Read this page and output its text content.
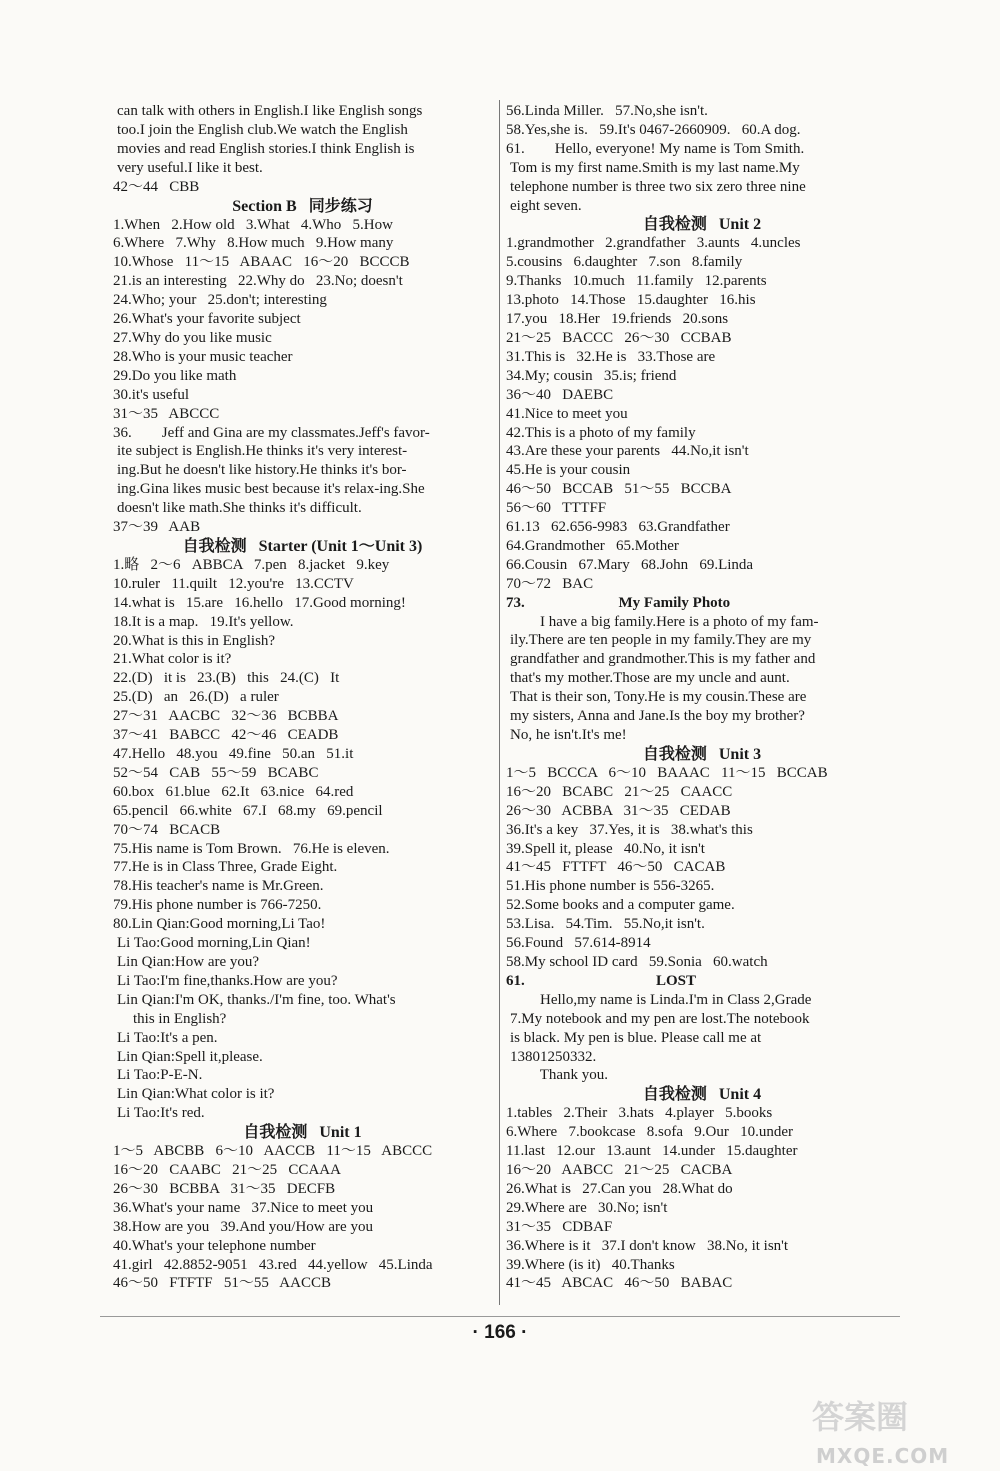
can talk with others in English.I like English songs
too.I join the English club.We watch the English
movies and read English stories.I think English is
very useful.I like it best.
42～44   CBB
Section B   同步练习
1.When   2.How old   3.What   4.Who   5.How
6.Where   7.Why   8.How much   9.How many
10.Whose   11～15   ABAAC   16～20   BCCCB
21.is an interesting   22.Why do   23.No; doesn't
24.Who; your   25.don't; interesting
26.What's your favorite subject
27.Why do you like music
28.Who is your music teacher
29.Do you like math
30.it's useful
31～35   ABCCC
36.        Jeff and Gina are my classmates.Jeff's favor-
ite subject is English.He thinks it's very interest-
ing.But he doesn't like history.He thinks it's bor-
ing.Gina likes music best because it's relax-ing.She
doesn't like math.She thinks it's difficult.
37～39   AAB
自我检测   Starter (Unit 1～Unit 3)
1.略   2～6   ABBCA   7.pen   8.jacket   9.key
10.ruler   11.quilt   12.you're   13.CCTV
14.what is   15.are   16.hello   17.Good morning!
18.It is a map.   19.It's yellow.
20.What is this in English?
21.What color is it?
22.(D)   it is   23.(B)   this   24.(C)   It
25.(D)   an   26.(D)   a ruler
27～31   AACBC   32～36   BCBBA
37～41   BABCC   42～46   CEADB
47.Hello   48.you   49.fine   50.an   51.it
52～54   CAB   55～59   BCABC
60.box   61.blue   62.It   63.nice   64.red
65.pencil   66.white   67.I   68.my   69.pencil
70～74   BCACB
75.His name is Tom Brown.   76.He is eleven.
77.He is in Class Three, Grade Eight.
78.His teacher's name is Mr.Green.
79.His phone number is 766-7250.
80.Lin Qian:Good morning,Li Tao!
Li Tao:Good morning,Lin Qian!
Lin Qian:How are you?
Li Tao:I'm fine,thanks.How are you?
Lin Qian:I'm OK, thanks./I'm fine, too. What's
this in English?
Li Tao:It's a pen.
Lin Qian:Spell it,please.
Li Tao:P-E-N.
Lin Qian:What color is it?
Li Tao:It's red.
自我检测   Unit 1
1～5   ABCBB   6～10   AACCB   11～15   ABCCC
16～20   CAABC   21～25   CCAAA
26～30   BCBBA   31～35   DECFB
36.What's your name   37.Nice to meet you
38.How are you   39.And you/How are you
40.What's your telephone number
41.girl   42.8852-9051   43.red   44.yellow   45.Linda
46～50   FTFTF   51～55   AACCB
56.Linda Miller.   57.No,she isn't.
58.Yes,she is.   59.It's 0467-2660909.   60.A dog.
61.        Hello, everyone! My name is Tom Smith.
Tom is my first name.Smith is my last name.My
telephone number is three two six zero three nine
eight seven.
自我检测   Unit 2
1.grandmother   2.grandfather   3.aunts   4.uncles
5.cousins   6.daughter   7.son   8.family
9.Thanks   10.much   11.family   12.parents
13.photo   14.Those   15.daughter   16.his
17.you   18.Her   19.friends   20.sons
21～25   BACCC   26～30   CCBAB
31.This is   32.He is   33.Those are
34.My; cousin   35.is; friend
36～40   DAEBC
41.Nice to meet you
42.This is a photo of my family
43.Are these your parents   44.No,it isn't
45.He is your cousin
46～50   BCCAB   51～55   BCCBA
56～60   TTTFF
61.13   62.656-9983   63.Grandfather
64.Grandmother   65.Mother
66.Cousin   67.Mary   68.John   69.Linda
70～72   BAC
73.                         My Family Photo
I have a big family.Here is a photo of my fam-
ily.There are ten people in my family.They are my
grandfather and grandmother.This is my father and
that's my mother.Those are my uncle and aunt.
That is their son, Tony.He is my cousin.These are
my sisters, Anna and Jane.Is the boy my brother?
No, he isn't.It's me!
自我检测   Unit 3
1～5   BCCCA   6～10   BAAAC   11～15   BCCAB
16～20   BCABC   21～25   CAACC
26～30   ACBBA   31～35   CEDAB
36.It's a key   37.Yes, it is   38.what's this
39.Spell it, please   40.No, it isn't
41～45   FTTFT   46～50   CACAB
51.His phone number is 556-3265.
52.Some books and a computer game.
53.Lisa.   54.Tim.   55.No,it isn't.
56.Found   57.614-8914
58.My school ID card   59.Sonia   60.watch
61.                                   LOST
Hello,my name is Linda.I'm in Class 2,Grade
7.My notebook and my pen are lost.The notebook
is black. My pen is blue. Please call me at
13801250332.
Thank you.
自我检测   Unit 4
1.tables   2.Their   3.hats   4.player   5.books
6.Where   7.bookcase   8.sofa   9.Our   10.under
11.last   12.our   13.aunt   14.under   15.daughter
16～20   AABCC   21～25   CACBA
26.What is   27.Can you   28.What do
29.Where are   30.No; isn't
31～35   CDBAF
36.Where is it   37.I don't know   38.No, it isn't
39.Where (is it)   40.Thanks
41～45   ABCAC   46～50   BABAC
· 166 ·
答案圈
MXQE.COM
